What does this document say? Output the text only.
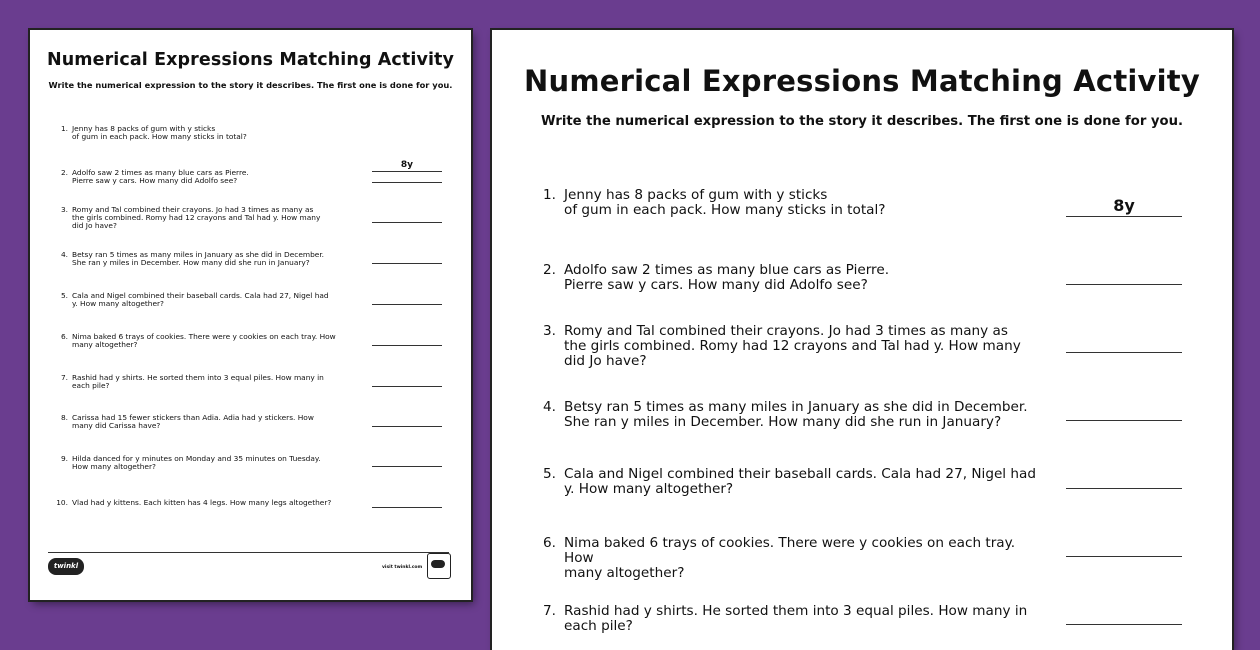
Numerical Expressions Matching Activity
Write the numerical expression to the story it describes. The first one is done for you.
1. Jenny has 8 packs of gum with y sticks
of gum in each pack. How many sticks in total?
8y
2. Adolfo saw 2 times as many blue cars as Pierre.
Pierre saw y cars. How many did Adolfo see?
3. Romy and Tal combined their crayons. Jo had 3 times as many as
the girls combined. Romy had 12 crayons and Tal had y. How many
did Jo have?
4. Betsy ran 5 times as many miles in January as she did in December.
She ran y miles in December. How many did she run in January?
5. Cala and Nigel combined their baseball cards. Cala had 27, Nigel had
y. How many altogether?
6. Nima baked 6 trays of cookies. There were y cookies on each tray. How
many altogether?
7. Rashid had y shirts. He sorted them into 3 equal piles. How many in
each pile?
8. Carissa had 15 fewer stickers than Adia. Adia had y stickers. How
many did Carissa have?
9. Hilda danced for y minutes on Monday and 35 minutes on Tuesday.
How many altogether?
10. Vlad had y kittens. Each kitten has 4 legs. How many legs altogether?
twinkl	visit twinkl.com
Numerical Expressions Matching Activity
Write the numerical expression to the story it describes. The first one is done for you.
1. Jenny has 8 packs of gum with y sticks
of gum in each pack. How many sticks in total?	8y
2. Adolfo saw 2 times as many blue cars as Pierre.
Pierre saw y cars. How many did Adolfo see?
3. Romy and Tal combined their crayons. Jo had 3 times as many as
the girls combined. Romy had 12 crayons and Tal had y. How many
did Jo have?
4. Betsy ran 5 times as many miles in January as she did in December.
She ran y miles in December. How many did she run in January?
5. Cala and Nigel combined their baseball cards. Cala had 27, Nigel had
y. How many altogether?
6. Nima baked 6 trays of cookies. There were y cookies on each tray. How
many altogether?
7. Rashid had y shirts. He sorted them into 3 equal piles. How many in
each pile?
